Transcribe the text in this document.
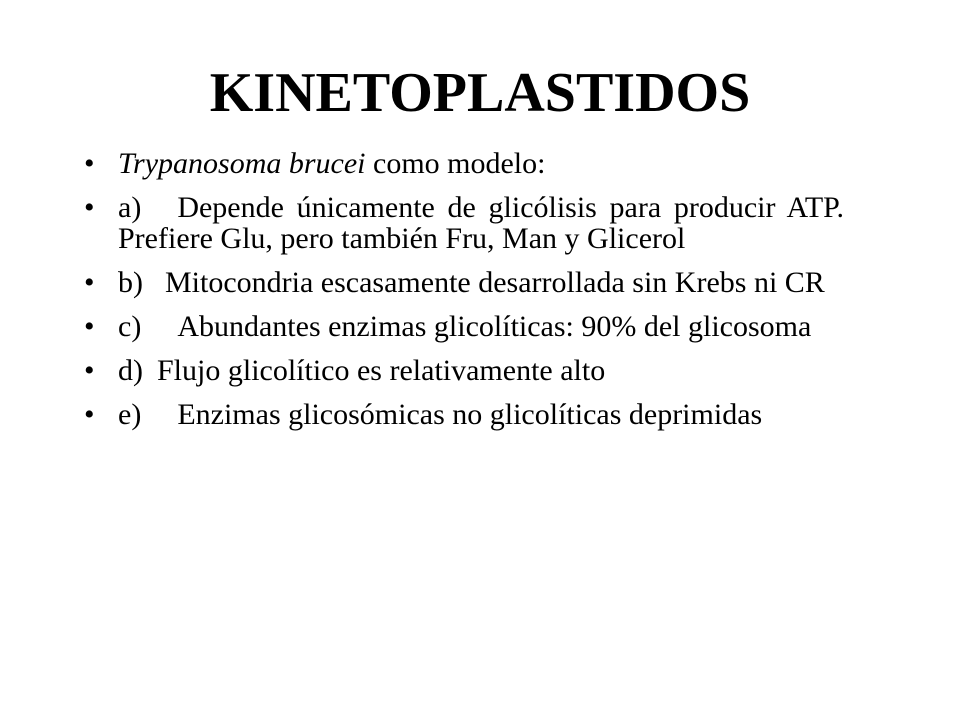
KINETOPLASTIDOS
• Trypanosoma brucei como modelo:
• a) Depende únicamente de glicólisis para producir ATP. Prefiere Glu, pero también Fru, Man y Glicerol
• b) Mitocondria escasamente desarrollada sin Krebs ni CR
• c) Abundantes enzimas glicolíticas: 90% del glicosoma
• d) Flujo glicolítico es relativamente alto
• e) Enzimas glicosómicas no glicolíticas deprimidas
